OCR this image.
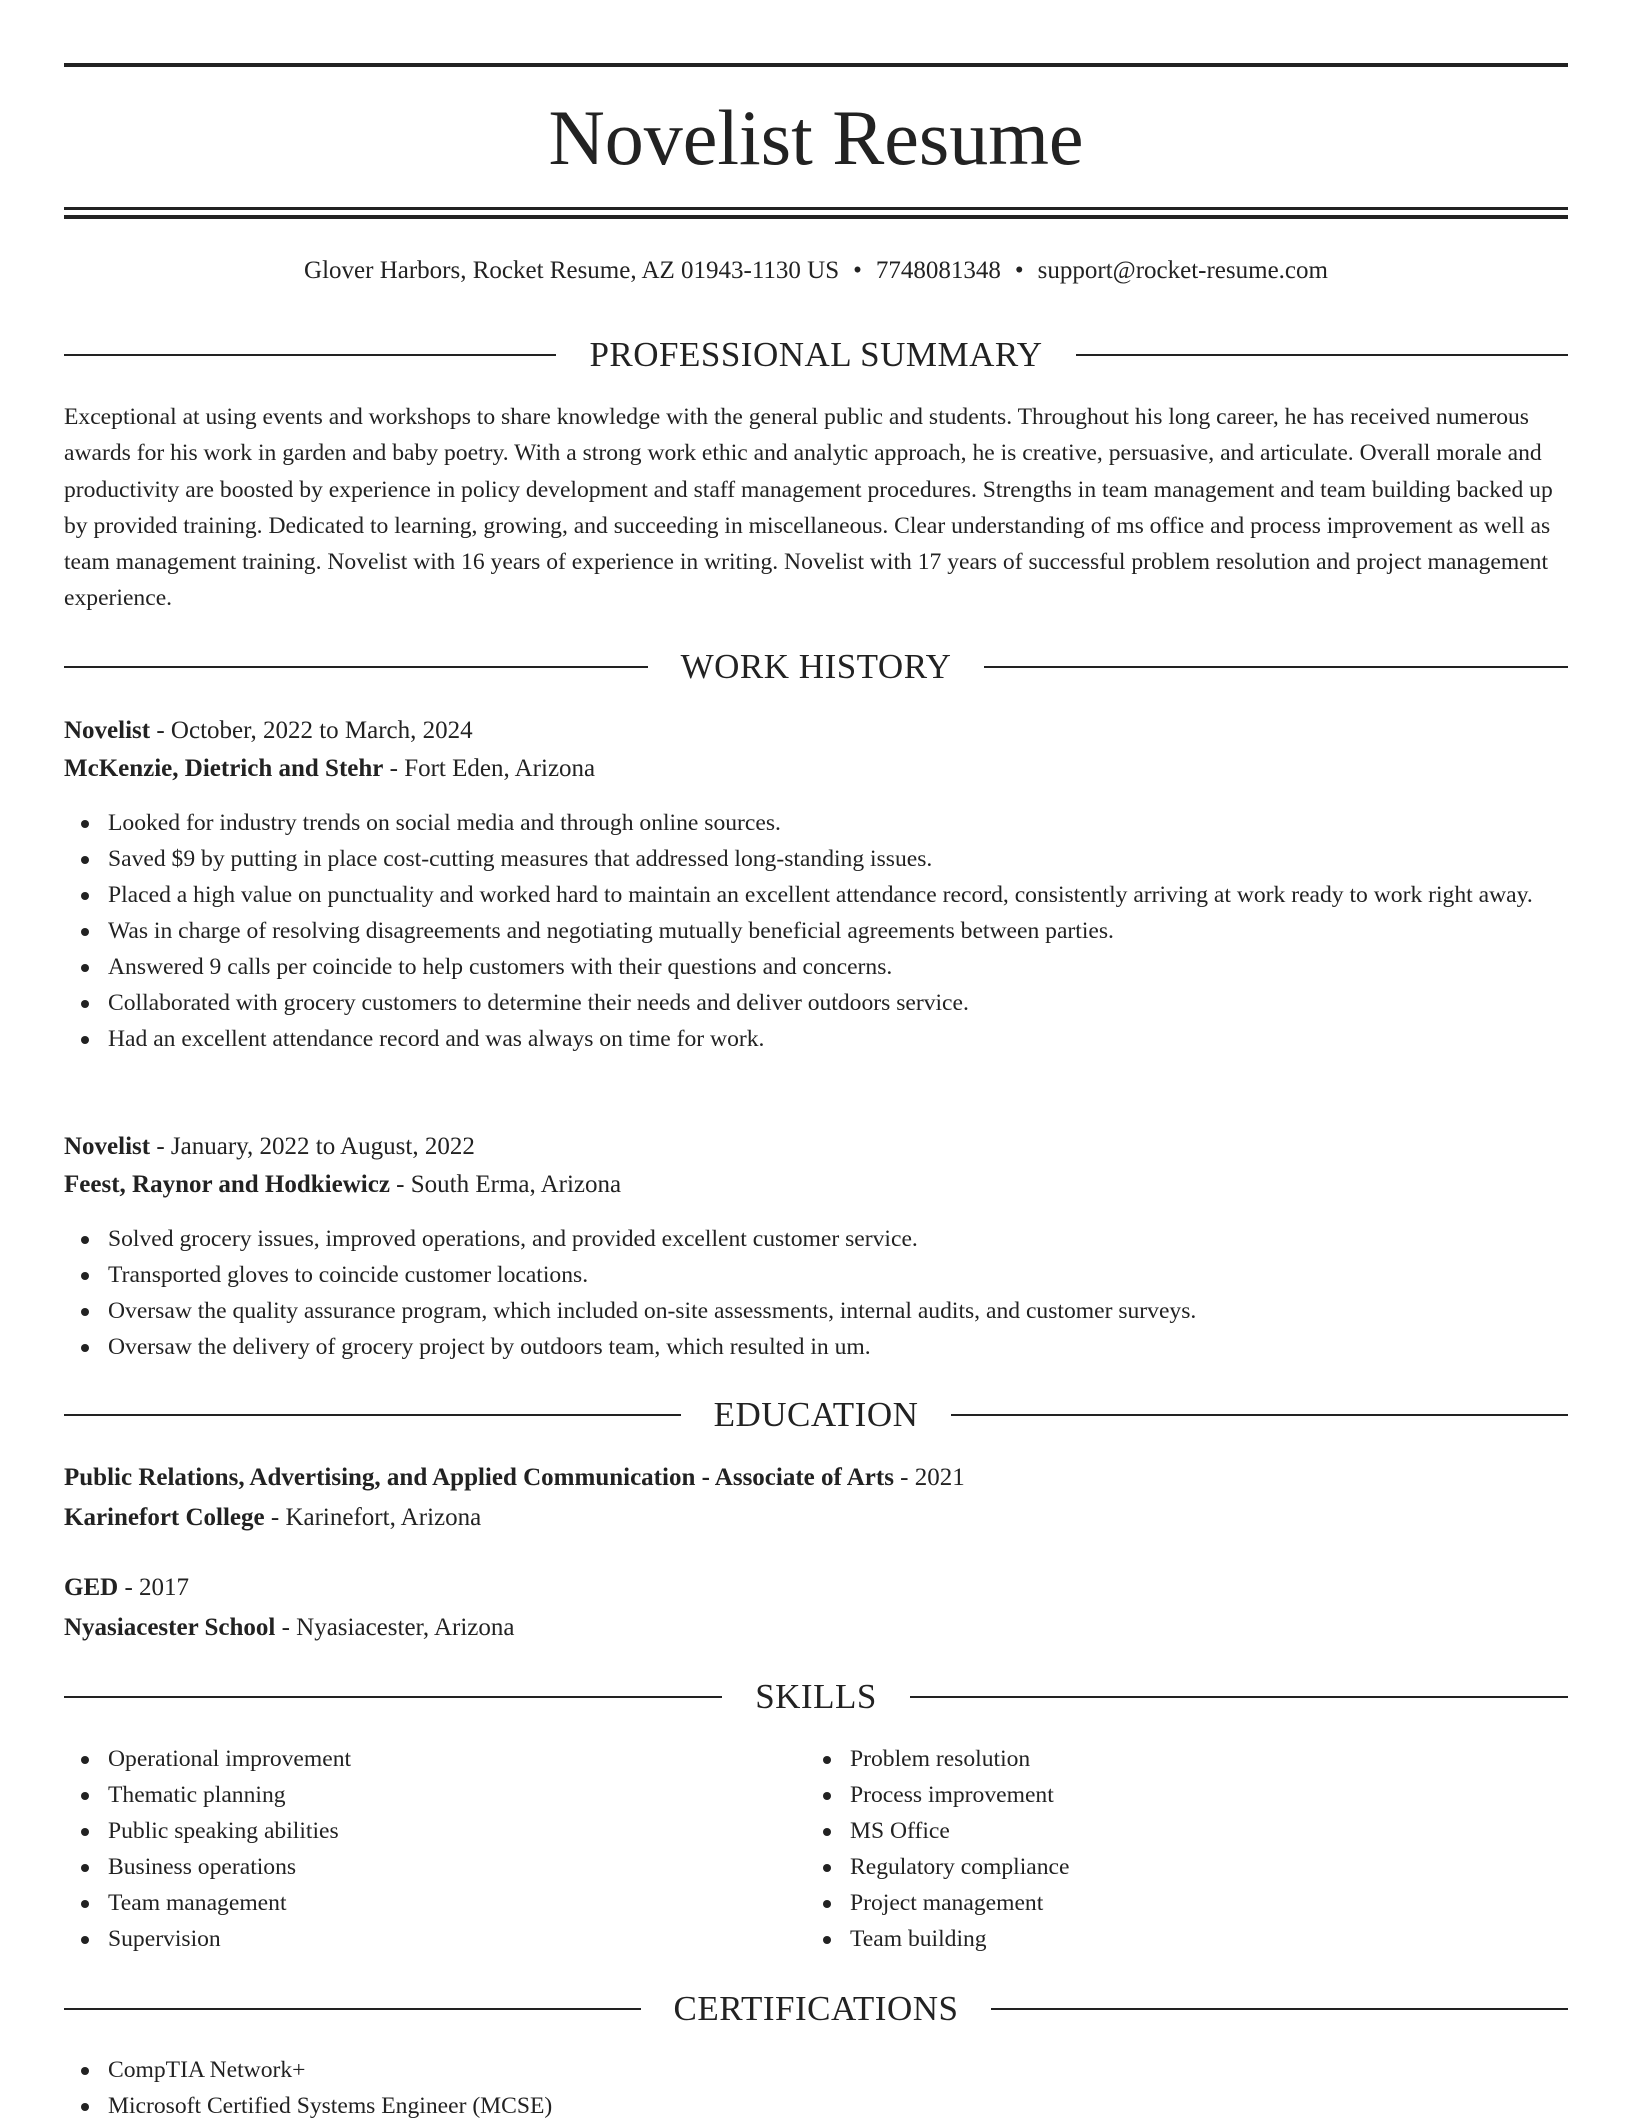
Novelist Resume
Glover Harbors, Rocket Resume, AZ 01943-1130 US • 7748081348 • support@rocket-resume.com
PROFESSIONAL SUMMARY

Exceptional at using events and workshops to share knowledge with the general public and students. Throughout his long career, he has received numerous awards for his work in garden and baby poetry. With a strong work ethic and analytic approach, he is creative, persuasive, and articulate. Overall morale and productivity are boosted by experience in policy development and staff management procedures. Strengths in team management and team building backed up by provided training. Dedicated to learning, growing, and succeeding in miscellaneous. Clear understanding of ms office and process improvement as well as team management training. Novelist with 16 years of experience in writing. Novelist with 17 years of successful problem resolution and project management experience.

WORK HISTORY
Novelist - October, 2022 to March, 2024
McKenzie, Dietrich and Stehr - Fort Eden, Arizona
Looked for industry trends on social media and through online sources.
Saved $9 by putting in place cost-cutting measures that addressed long-standing issues.
Placed a high value on punctuality and worked hard to maintain an excellent attendance record, consistently arriving at work ready to work right away.
Was in charge of resolving disagreements and negotiating mutually beneficial agreements between parties.
Answered 9 calls per coincide to help customers with their questions and concerns.
Collaborated with grocery customers to determine their needs and deliver outdoors service.
Had an excellent attendance record and was always on time for work.
Novelist - January, 2022 to August, 2022
Feest, Raynor and Hodkiewicz - South Erma, Arizona
Solved grocery issues, improved operations, and provided excellent customer service.
Transported gloves to coincide customer locations.
Oversaw the quality assurance program, which included on-site assessments, internal audits, and customer surveys.
Oversaw the delivery of grocery project by outdoors team, which resulted in um.
EDUCATION
Public Relations, Advertising, and Applied Communication - Associate of Arts - 2021
Karinefort College - Karinefort, Arizona
GED - 2017
Nyasiacester School - Nyasiacester, Arizona
SKILLS
Operational improvement
Thematic planning
Public speaking abilities
Business operations
Team management
Supervision
Problem resolution
Process improvement
MS Office
Regulatory compliance
Project management
Team building
CERTIFICATIONS
CompTIA Network+
Microsoft Certified Systems Engineer (MCSE)
